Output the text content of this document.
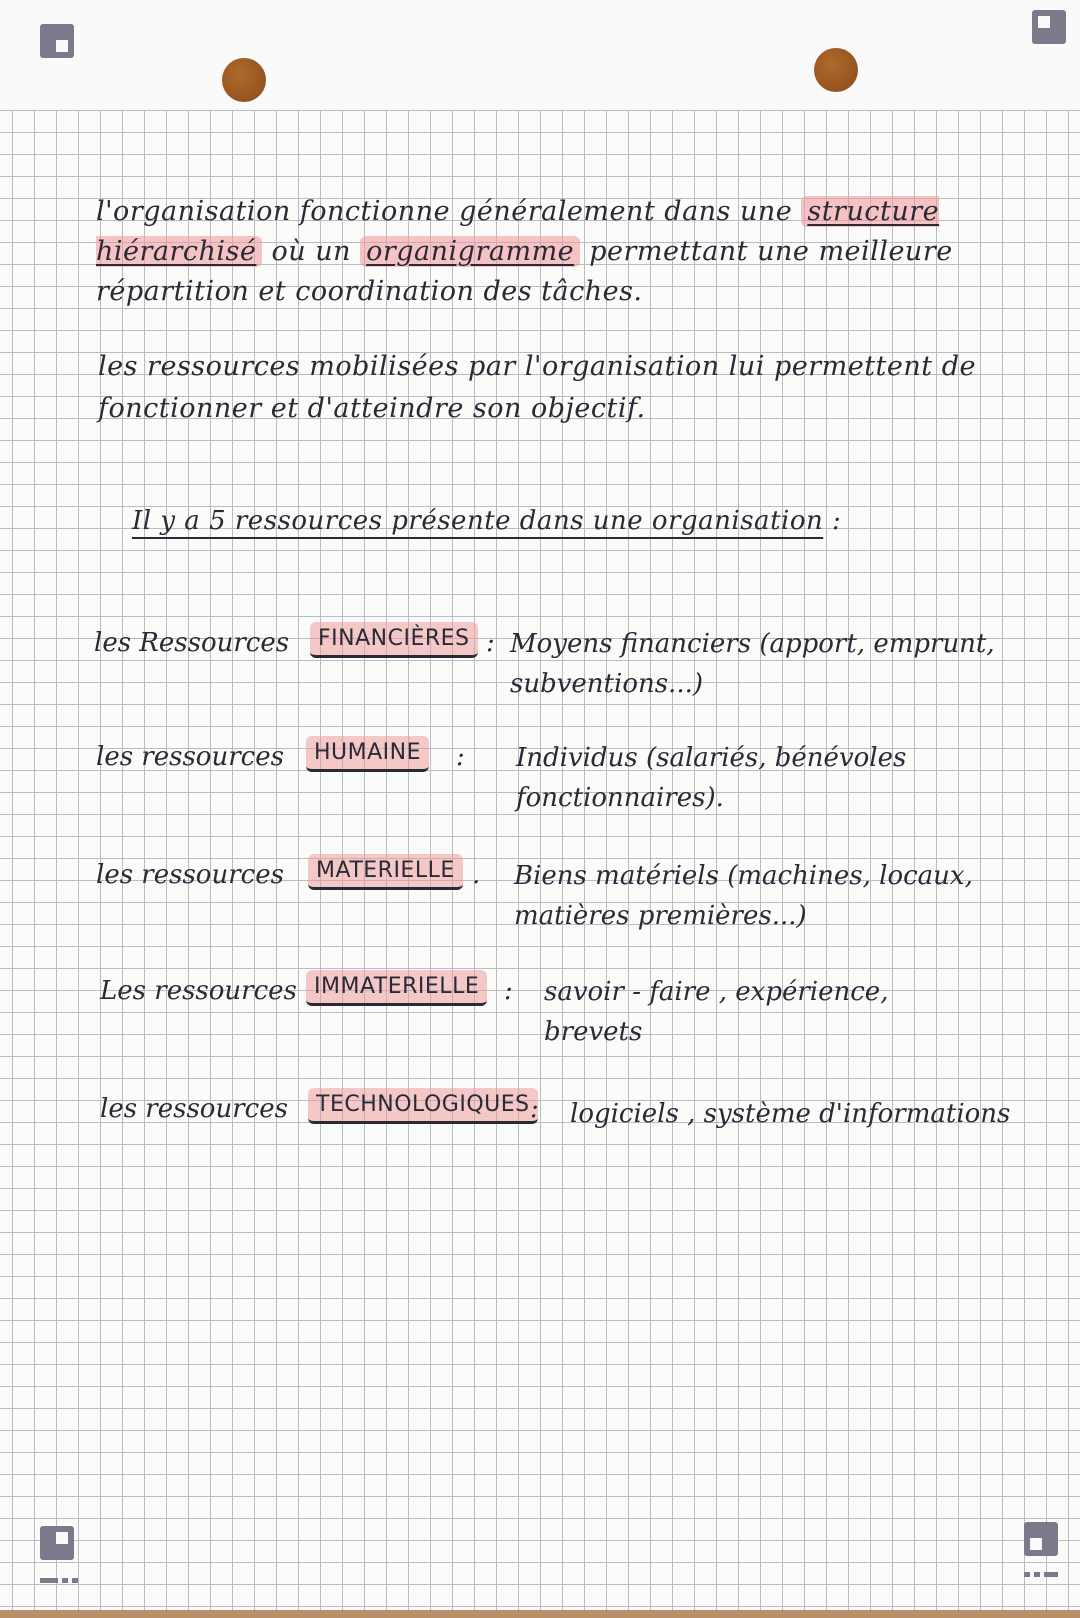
l'organisation fonctionne généralement dans une structure hiérarchisé où un organigramme permettant une meilleure répartition et coordination des tâches.
les ressources mobilisées par l'organisation lui permettent de fonctionner et d'atteindre son objectif.
Il y a 5 ressources présente dans une organisation :
les Ressources	FINANCIÈRES : Moyens financiers (apport, emprunt, subventions...)
les ressources	HUMAINE	: Individus (salariés, bénévoles fonctionnaires).
les ressources	MATERIELLE . Biens matériels (machines, locaux, matières premières...)
Les ressources IMMATERIELLE : savoir - faire , expérience, brevets
les ressources	TECHNOLOGIQUES : logiciels , système d'informations
